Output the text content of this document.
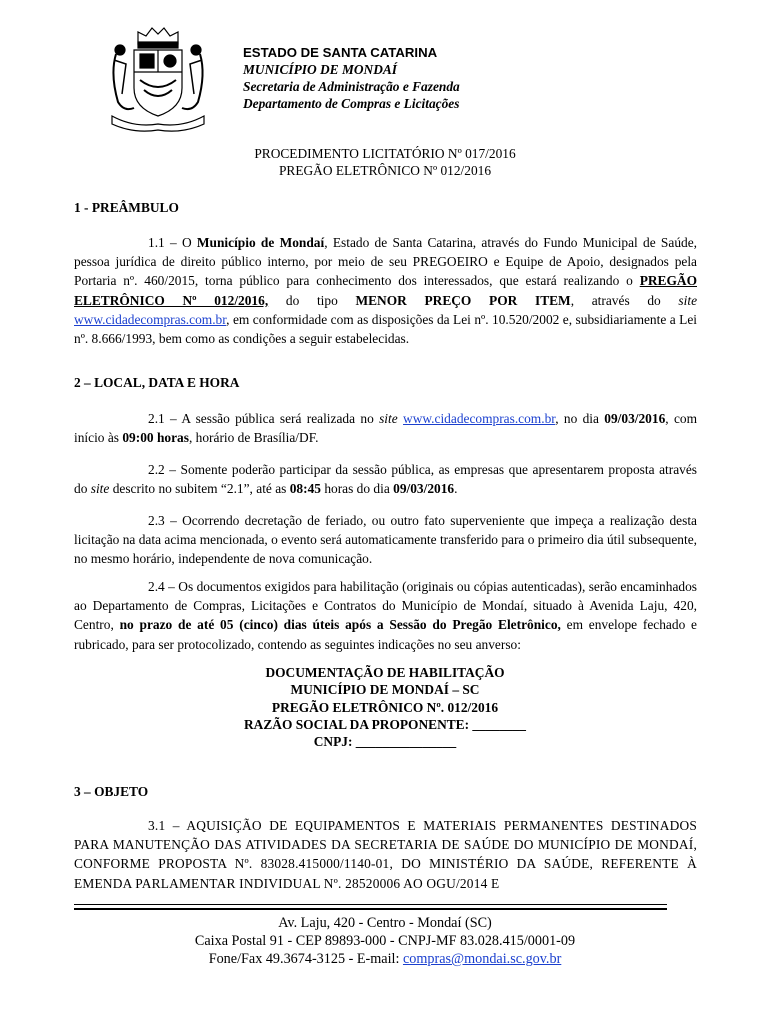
ESTADO DE SANTA CATARINA
MUNICÍPIO DE MONDAÍ
Secretaria de Administração e Fazenda
Departamento de Compras e Licitações
PROCEDIMENTO LICITATÓRIO Nº 017/2016
PREGÃO ELETRÔNICO Nº 012/2016
1 - PREÂMBULO
1.1 – O Município de Mondaí, Estado de Santa Catarina, através do Fundo Municipal de Saúde, pessoa jurídica de direito público interno, por meio de seu PREGOEIRO e Equipe de Apoio, designados pela Portaria nº. 460/2015, torna público para conhecimento dos interessados, que estará realizando o PREGÃO ELETRÔNICO Nº 012/2016, do tipo MENOR PREÇO POR ITEM, através do site www.cidadecompras.com.br, em conformidade com as disposições da Lei nº. 10.520/2002 e, subsidiariamente a Lei nº. 8.666/1993, bem como as condições a seguir estabelecidas.
2 – LOCAL, DATA E HORA
2.1 – A sessão pública será realizada no site www.cidadecompras.com.br, no dia 09/03/2016, com início às 09:00 horas, horário de Brasília/DF.
2.2 – Somente poderão participar da sessão pública, as empresas que apresentarem proposta através do site descrito no subitem “2.1”, até as 08:45 horas do dia 09/03/2016.
2.3 – Ocorrendo decretação de feriado, ou outro fato superveniente que impeça a realização desta licitação na data acima mencionada, o evento será automaticamente transferido para o primeiro dia útil subsequente, no mesmo horário, independente de nova comunicação.
2.4 – Os documentos exigidos para habilitação (originais ou cópias autenticadas), serão encaminhados ao Departamento de Compras, Licitações e Contratos do Município de Mondaí, situado à Avenida Laju, 420, Centro, no prazo de até 05 (cinco) dias úteis após a Sessão do Pregão Eletrônico, em envelope fechado e rubricado, para ser protocolizado, contendo as seguintes indicações no seu anverso:
DOCUMENTAÇÃO DE HABILITAÇÃO
MUNICÍPIO DE MONDAÍ – SC
PREGÃO ELETRÔNICO Nº. 012/2016
RAZÃO SOCIAL DA PROPONENTE: ________
CNPJ: _______________
3 – OBJETO
3.1 – AQUISIÇÃO DE EQUIPAMENTOS E MATERIAIS PERMANENTES DESTINADOS PARA MANUTENÇÃO DAS ATIVIDADES DA SECRETARIA DE SAÚDE DO MUNICÍPIO DE MONDAÍ, CONFORME PROPOSTA Nº. 83028.415000/1140-01, DO MINISTÉRIO DA SAÚDE, REFERENTE À EMENDA PARLAMENTAR INDIVIDUAL Nº. 28520006 AO OGU/2014 E
Av. Laju, 420 - Centro - Mondaí (SC)
Caixa Postal 91 - CEP 89893-000 - CNPJ-MF 83.028.415/0001-09
Fone/Fax 49.3674-3125 - E-mail: compras@mondai.sc.gov.br
